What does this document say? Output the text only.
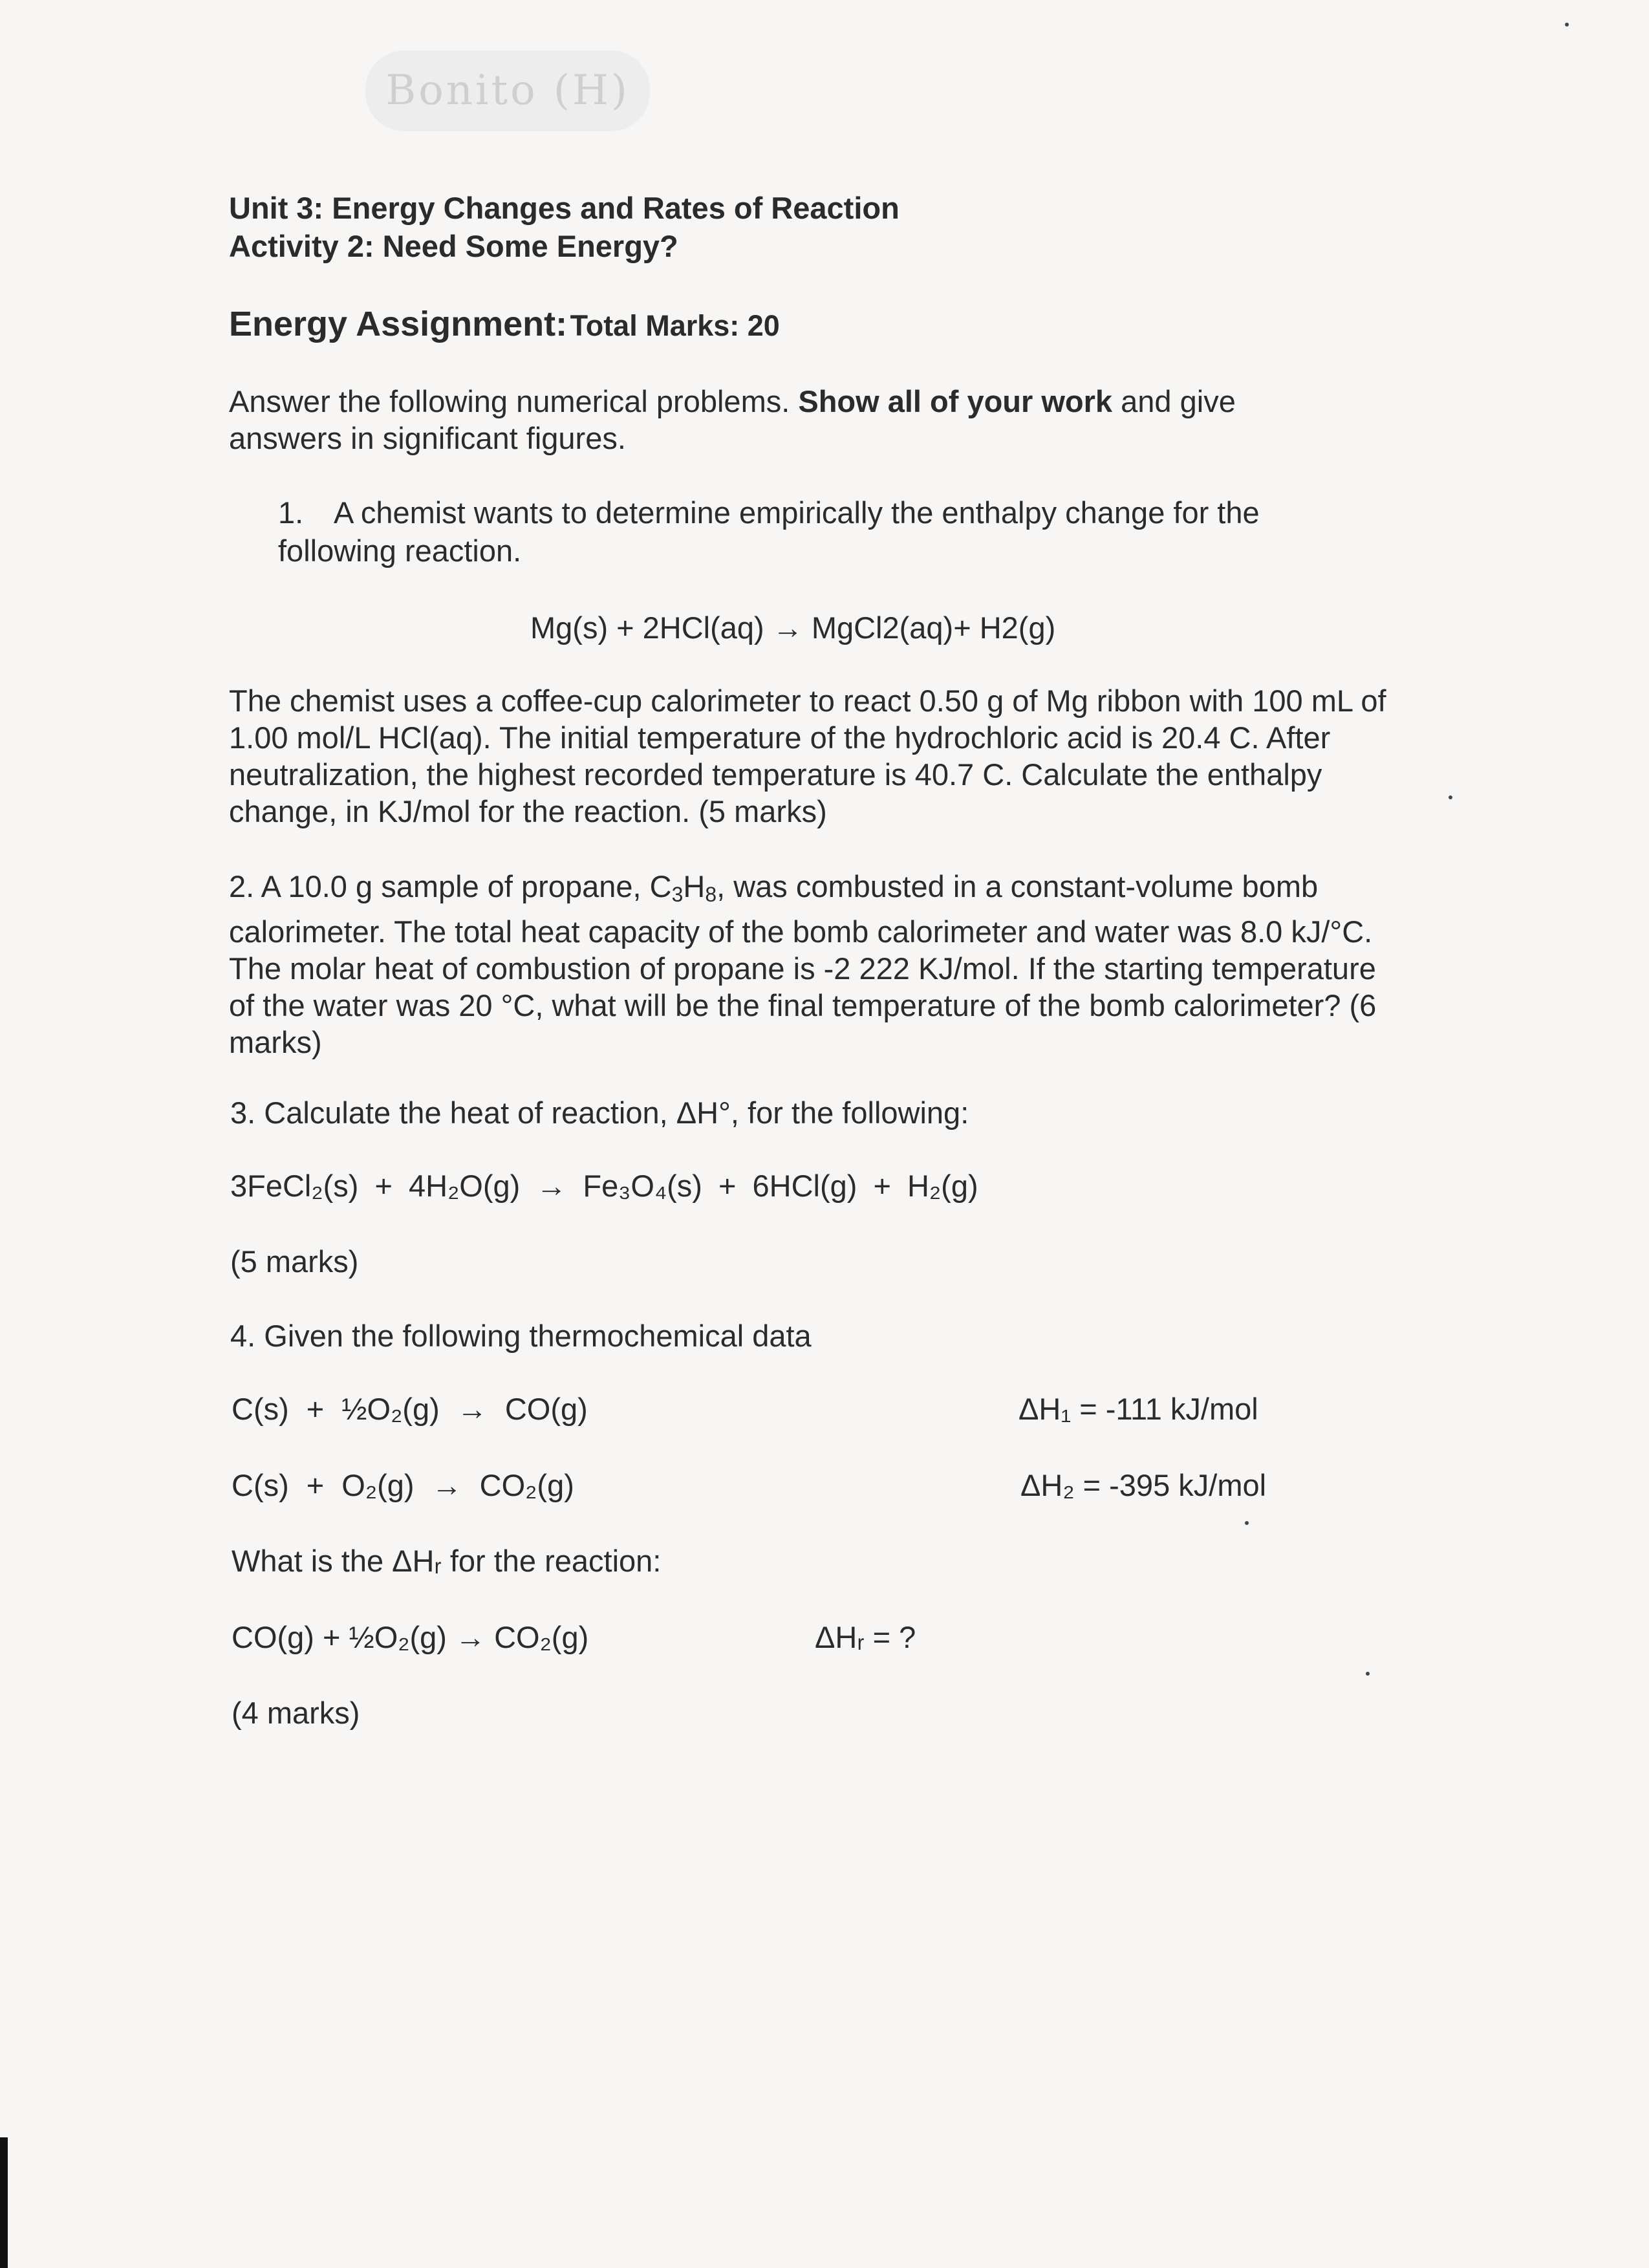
Bonito (H)
Unit 3: Energy Changes and Rates of Reaction
Activity 2: Need Some Energy?
Energy Assignment: Total Marks: 20
Answer the following numerical problems. Show all of your work and give answers in significant figures.
1. A chemist wants to determine empirically the enthalpy change for the following reaction.
Mg(s) + 2HCl(aq) → MgCl2(aq)+ H2(g)
The chemist uses a coffee-cup calorimeter to react 0.50 g of Mg ribbon with 100 mL of 1.00 mol/L HCl(aq). The initial temperature of the hydrochloric acid is 20.4 C. After neutralization, the highest recorded temperature is 40.7 C. Calculate the enthalpy change, in KJ/mol for the reaction. (5 marks)
2. A 10.0 g sample of propane, $C_3H_8$, was combusted in a constant-volume bomb calorimeter. The total heat capacity of the bomb calorimeter and water was 8.0 kJ/°C. The molar heat of combustion of propane is -2 222 KJ/mol. If the starting temperature of the water was 20 °C, what will be the final temperature of the bomb calorimeter? (6 marks)
3. Calculate the heat of reaction, ΔH°, for the following:
3FeCl₂(s) + 4H₂O(g) → Fe₃O₄(s) + 6HCl(g) + H₂(g)
(5 marks)
4. Given the following thermochemical data
C(s) + ½O₂(g) → CO(g)	ΔH₁ = -111 kJ/mol
C(s) + O₂(g) → CO₂(g)	ΔH₂ = -395 kJ/mol
What is the ΔHᵣ for the reaction:
CO(g) + ½O₂(g) → CO₂(g)	ΔHᵣ = ?
(4 marks)
